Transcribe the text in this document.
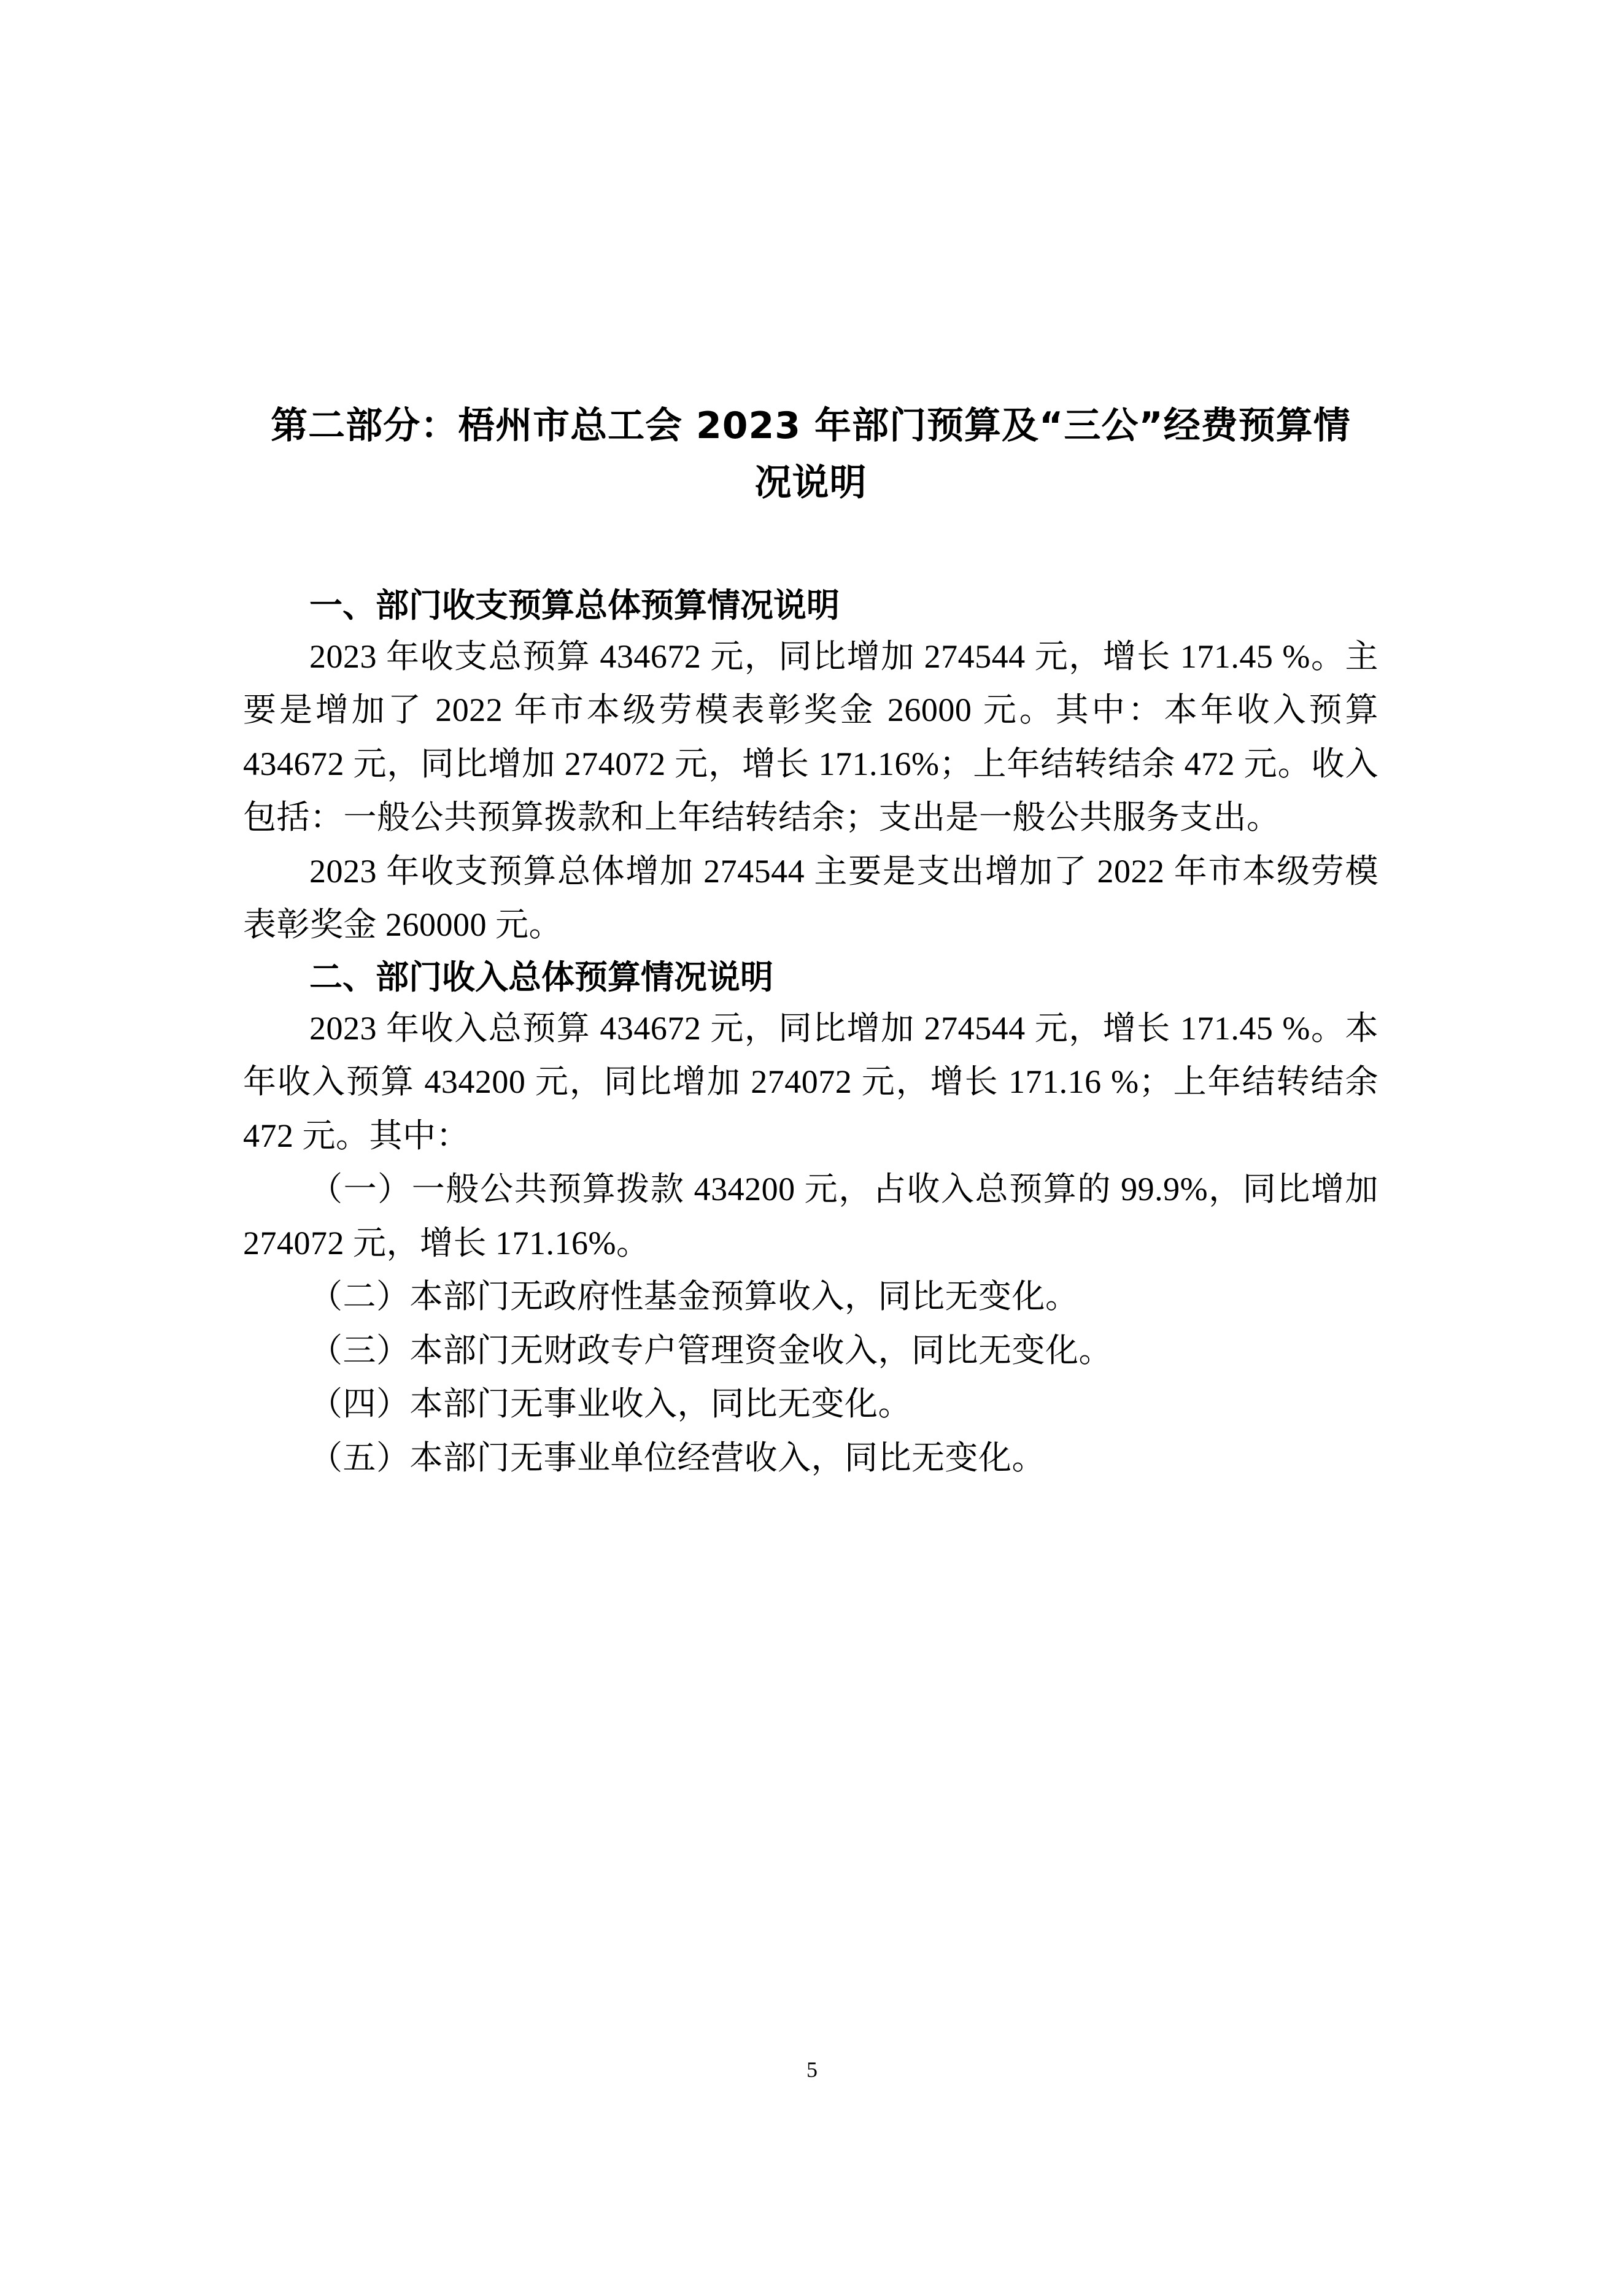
第二部分：梧州市总工会 2023 年部门预算及“三公”经费预算情况说明
一、部门收支预算总体预算情况说明

2023 年收支总预算 434672 元，同比增加 274544 元，增长 171.45 %。主要是增加了 2022 年市本级劳模表彰奖金 26000 元。其中：本年收入预算 434672 元，同比增加 274072 元，增长 171.16%；上年结转结余 472 元。收入包括：一般公共预算拨款和上年结转结余；支出是一般公共服务支出。

2023 年收支预算总体增加 274544 主要是支出增加了 2022 年市本级劳模表彰奖金 260000 元。

二、部门收入总体预算情况说明

2023 年收入总预算 434672 元，同比增加 274544 元，增长 171.45 %。本年收入预算 434200 元，同比增加 274072 元，增长 171.16 %；上年结转结余 472 元。其中：

（一）一般公共预算拨款 434200 元，占收入总预算的 99.9%，同比增加 274072 元，增长 171.16%。

（二）本部门无政府性基金预算收入，同比无变化。

（三）本部门无财政专户管理资金收入，同比无变化。

（四）本部门无事业收入，同比无变化。

（五）本部门无事业单位经营收入，同比无变化。

5
